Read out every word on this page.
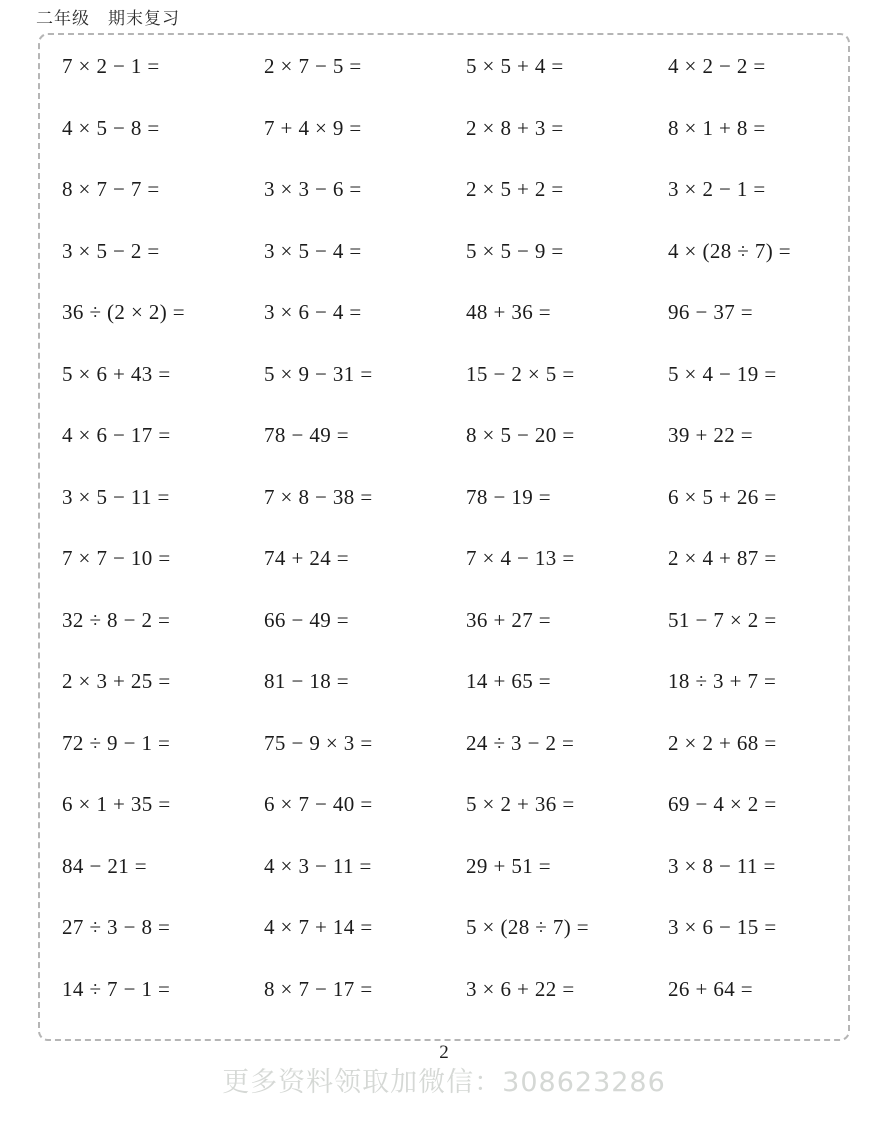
二年级　期末复习
7 × 2 − 1 =	2 × 7 − 5 =	5 × 5 + 4 =	4 × 2 − 2 =
4 × 5 − 8 =	7 + 4 × 9 =	2 × 8 + 3 =	8 × 1 + 8 =
8 × 7 − 7 =	3 × 3 − 6 =	2 × 5 + 2 =	3 × 2 − 1 =
3 × 5 − 2 =	3 × 5 − 4 =	5 × 5 − 9 =	4 × (28 ÷ 7) =
36 ÷ (2 × 2) =	3 × 6 − 4 =	48 + 36 =	96 − 37 =
5 × 6 + 43 =	5 × 9 − 31 =	15 − 2 × 5 =	5 × 4 − 19 =
4 × 6 − 17 =	78 − 49 =	8 × 5 − 20 =	39 + 22 =
3 × 5 − 11 =	7 × 8 − 38 =	78 − 19 =	6 × 5 + 26 =
7 × 7 − 10 =	74 + 24 =	7 × 4 − 13 =	2 × 4 + 87 =
32 ÷ 8 − 2 =	66 − 49 =	36 + 27 =	51 − 7 × 2 =
2 × 3 + 25 =	81 − 18 =	14 + 65 =	18 ÷ 3 + 7 =
72 ÷ 9 − 1 =	75 − 9 × 3 =	24 ÷ 3 − 2 =	2 × 2 + 68 =
6 × 1 + 35 =	6 × 7 − 40 =	5 × 2 + 36 =	69 − 4 × 2 =
84 − 21 =	4 × 3 − 11 =	29 + 51 =	3 × 8 − 11 =
27 ÷ 3 − 8 =	4 × 7 + 14 =	5 × (28 ÷ 7) =	3 × 6 − 15 =
14 ÷ 7 − 1 =	8 × 7 − 17 =	3 × 6 + 22 =	26 + 64 =
2
更多资料领取加微信：308623286
